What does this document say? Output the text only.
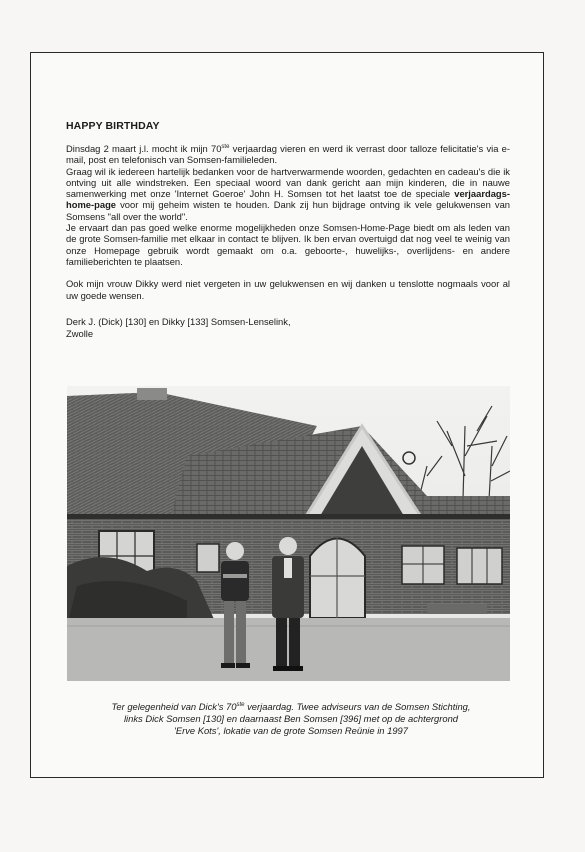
HAPPY BIRTHDAY

Dinsdag 2 maart j.l. mocht ik mijn 70ste verjaardag vieren en werd ik verrast door talloze felicitatie's via e-mail, post en telefonisch van Somsen-familieleden.

Graag wil ik iedereen hartelijk bedanken voor de hartverwarmende woorden, gedachten en cadeau's die ik ontving uit alle windstreken. Een speciaal woord van dank gericht aan mijn kinderen, die in nauwe samenwerking met onze 'Internet Goeroe' John H. Somsen tot het laatst toe de speciale verjaardags-home-page voor mij geheim wisten te houden. Dank zij hun bijdrage ontving ik vele gelukwensen van Somsens "all over the world".

Je ervaart dan pas goed welke enorme mogelijkheden onze Somsen-Home-Page biedt om als leden van de grote Somsen-familie met elkaar in contact te blijven. Ik ben ervan overtuigd dat nog veel te weinig van onze Homepage gebruik wordt gemaakt om o.a. geboorte-, huwelijks-, overlijdens- en andere familieberichten te plaatsen.

Ook mijn vrouw Dikky werd niet vergeten in uw gelukwensen en wij danken u tenslotte nogmaals voor al uw goede wensen.

Derk J. (Dick) [130] en Dikky [133] Somsen-Lenselink,
Zwolle
Ter gelegenheid van Dick's 70ste verjaardag. Twee adviseurs van de Somsen Stichting,
links Dick Somsen [130] en daarnaast Ben Somsen [396] met op de achtergrond
'Erve Kots', lokatie van de grote Somsen Reünie in 1997
